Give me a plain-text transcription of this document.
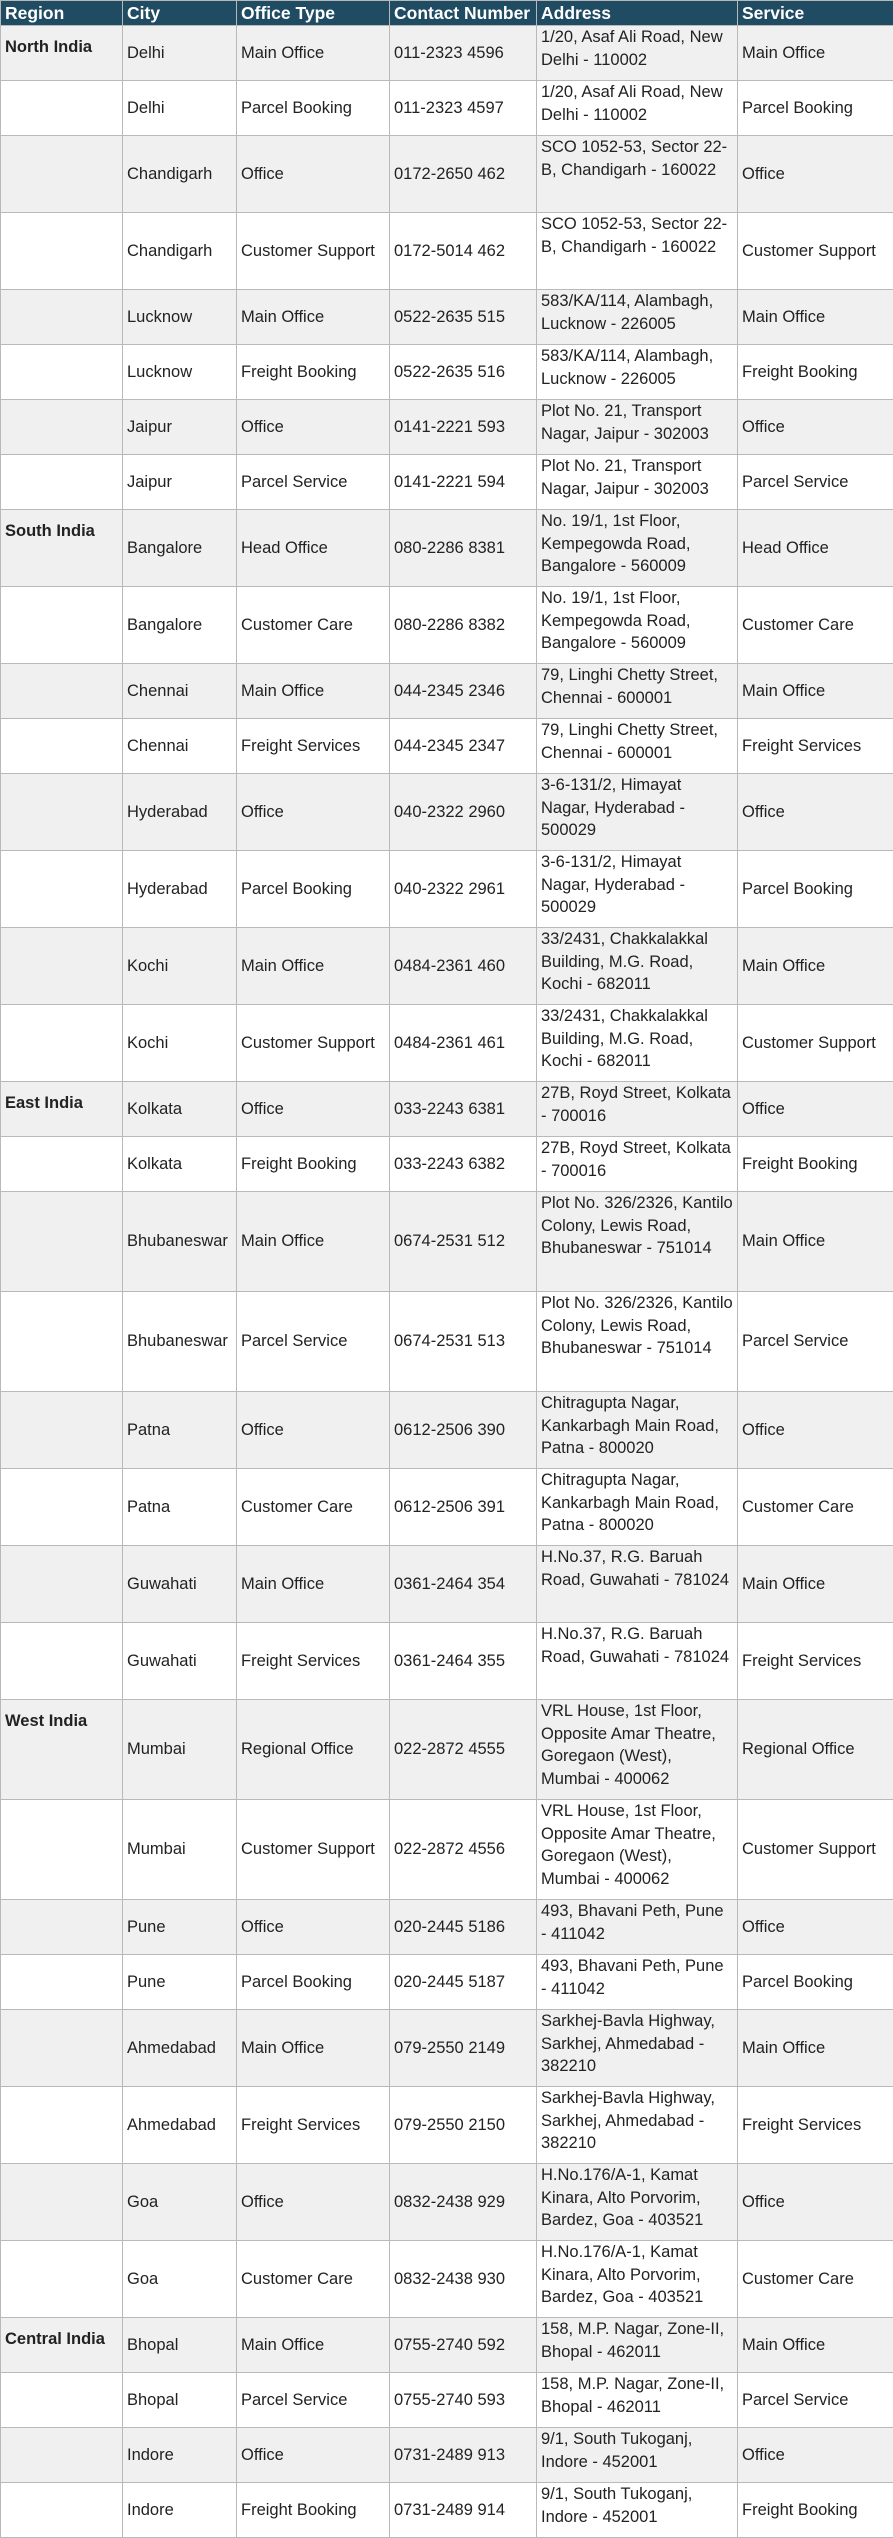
Region	City	Office Type	Contact Number	Address	Service
North India	Delhi	Main Office	011-2323 4596	1/20, Asaf Ali Road, New Delhi - 110002	Main Office
	Delhi	Parcel Booking	011-2323 4597	1/20, Asaf Ali Road, New Delhi - 110002	Parcel Booking
	Chandigarh	Office	0172-2650 462	SCO 1052-53, Sector 22-B, Chandigarh - 160022	Office
	Chandigarh	Customer Support	0172-5014 462	SCO 1052-53, Sector 22-B, Chandigarh - 160022	Customer Support
	Lucknow	Main Office	0522-2635 515	583/KA/114, Alambagh, Lucknow - 226005	Main Office
	Lucknow	Freight Booking	0522-2635 516	583/KA/114, Alambagh, Lucknow - 226005	Freight Booking
	Jaipur	Office	0141-2221 593	Plot No. 21, Transport Nagar, Jaipur - 302003	Office
	Jaipur	Parcel Service	0141-2221 594	Plot No. 21, Transport Nagar, Jaipur - 302003	Parcel Service
South India	Bangalore	Head Office	080-2286 8381	No. 19/1, 1st Floor, Kempegowda Road, Bangalore - 560009	Head Office
	Bangalore	Customer Care	080-2286 8382	No. 19/1, 1st Floor, Kempegowda Road, Bangalore - 560009	Customer Care
	Chennai	Main Office	044-2345 2346	79, Linghi Chetty Street, Chennai - 600001	Main Office
	Chennai	Freight Services	044-2345 2347	79, Linghi Chetty Street, Chennai - 600001	Freight Services
	Hyderabad	Office	040-2322 2960	3-6-131/2, Himayat Nagar, Hyderabad - 500029	Office
	Hyderabad	Parcel Booking	040-2322 2961	3-6-131/2, Himayat Nagar, Hyderabad - 500029	Parcel Booking
	Kochi	Main Office	0484-2361 460	33/2431, Chakkalakkal Building, M.G. Road, Kochi - 682011	Main Office
	Kochi	Customer Support	0484-2361 461	33/2431, Chakkalakkal Building, M.G. Road, Kochi - 682011	Customer Support
East India	Kolkata	Office	033-2243 6381	27B, Royd Street, Kolkata - 700016	Office
	Kolkata	Freight Booking	033-2243 6382	27B, Royd Street, Kolkata - 700016	Freight Booking
	Bhubaneswar	Main Office	0674-2531 512	Plot No. 326/2326, Kantilo Colony, Lewis Road, Bhubaneswar - 751014	Main Office
	Bhubaneswar	Parcel Service	0674-2531 513	Plot No. 326/2326, Kantilo Colony, Lewis Road, Bhubaneswar - 751014	Parcel Service
	Patna	Office	0612-2506 390	Chitragupta Nagar, Kankarbagh Main Road, Patna - 800020	Office
	Patna	Customer Care	0612-2506 391	Chitragupta Nagar, Kankarbagh Main Road, Patna - 800020	Customer Care
	Guwahati	Main Office	0361-2464 354	H.No.37, R.G. Baruah Road, Guwahati - 781024	Main Office
	Guwahati	Freight Services	0361-2464 355	H.No.37, R.G. Baruah Road, Guwahati - 781024	Freight Services
West India	Mumbai	Regional Office	022-2872 4555	VRL House, 1st Floor, Opposite Amar Theatre, Goregaon (West), Mumbai - 400062	Regional Office
	Mumbai	Customer Support	022-2872 4556	VRL House, 1st Floor, Opposite Amar Theatre, Goregaon (West), Mumbai - 400062	Customer Support
	Pune	Office	020-2445 5186	493, Bhavani Peth, Pune - 411042	Office
	Pune	Parcel Booking	020-2445 5187	493, Bhavani Peth, Pune - 411042	Parcel Booking
	Ahmedabad	Main Office	079-2550 2149	Sarkhej-Bavla Highway, Sarkhej, Ahmedabad - 382210	Main Office
	Ahmedabad	Freight Services	079-2550 2150	Sarkhej-Bavla Highway, Sarkhej, Ahmedabad - 382210	Freight Services
	Goa	Office	0832-2438 929	H.No.176/A-1, Kamat Kinara, Alto Porvorim, Bardez, Goa - 403521	Office
	Goa	Customer Care	0832-2438 930	H.No.176/A-1, Kamat Kinara, Alto Porvorim, Bardez, Goa - 403521	Customer Care
Central India	Bhopal	Main Office	0755-2740 592	158, M.P. Nagar, Zone-II, Bhopal - 462011	Main Office
	Bhopal	Parcel Service	0755-2740 593	158, M.P. Nagar, Zone-II, Bhopal - 462011	Parcel Service
	Indore	Office	0731-2489 913	9/1, South Tukoganj, Indore - 452001	Office
	Indore	Freight Booking	0731-2489 914	9/1, South Tukoganj, Indore - 452001	Freight Booking
